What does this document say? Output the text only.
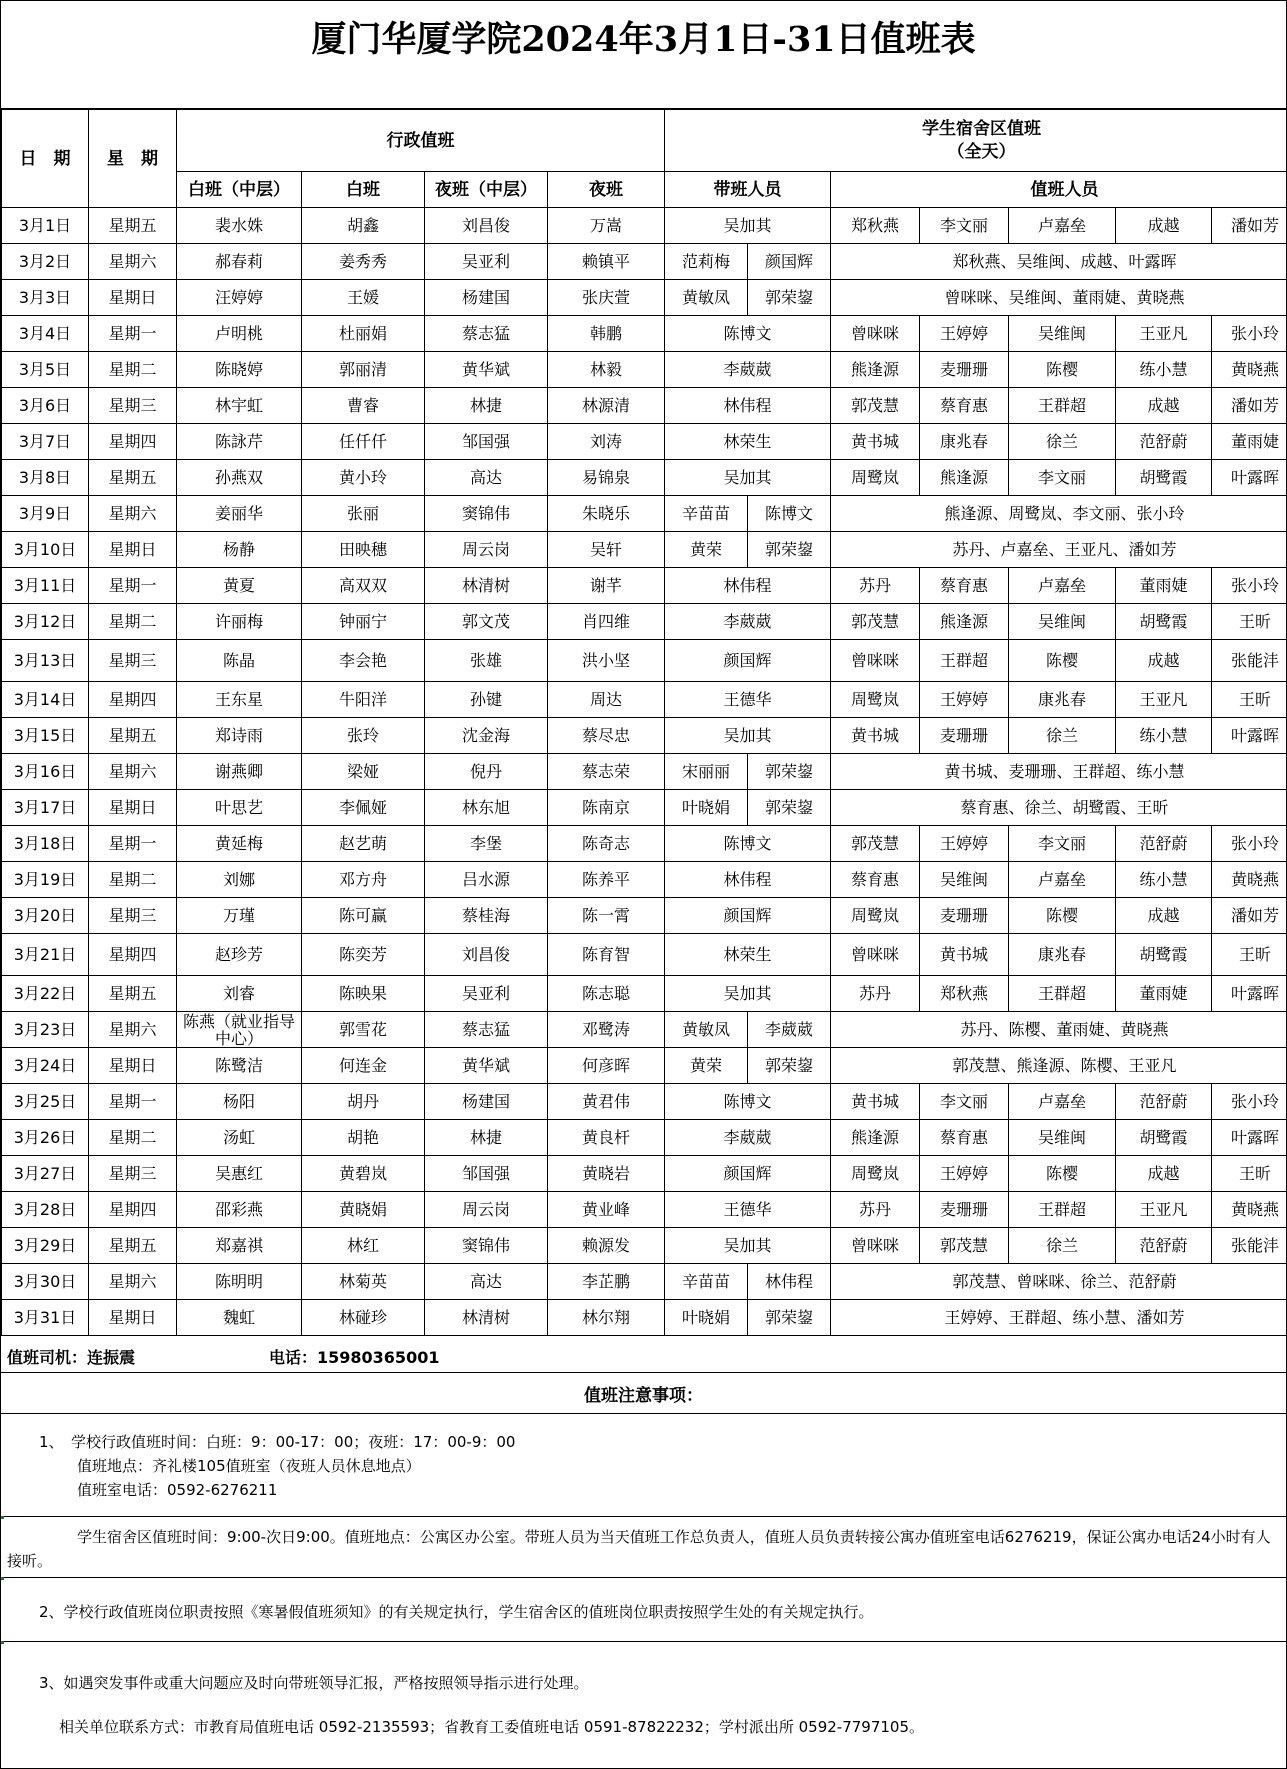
厦门华厦学院2024年3月1日-31日值班表
日　期	星　期	行政值班				学生宿舍区值班
（全天）						

		白班（中层）	白班	夜班（中层）	夜班	带班人员		值班人员				
3月1日	星期五	裴水姝	胡鑫	刘昌俊	万嵩	吴加其		郑秋燕	李文丽	卢嘉垒	成越	潘如芳
3月2日	星期六	郝春莉	姜秀秀	吴亚利	赖镇平	范莉梅	颜国辉	郑秋燕、吴维闽、成越、叶露晖				
3月3日	星期日	汪婷婷	王媛	杨建国	张庆萱	黄敏凤	郭荣鋆	曾咪咪、吴维闽、董雨婕、黄晓燕				
3月4日	星期一	卢明桃	杜丽娟	蔡志猛	韩鹏	陈博文		曾咪咪	王婷婷	吴维闽	王亚凡	张小玲
3月5日	星期二	陈晓婷	郭丽清	黄华斌	林毅	李葳葳		熊逢源	麦珊珊	陈樱	练小慧	黄晓燕
3月6日	星期三	林宇虹	曹睿	林捷	林源清	林伟程		郭茂慧	蔡育惠	王群超	成越	潘如芳
3月7日	星期四	陈詠芹	任仟仟	邹国强	刘涛	林荣生		黄书城	康兆春	徐兰	范舒蔚	董雨婕
3月8日	星期五	孙燕双	黄小玲	高达	易锦泉	吴加其		周鹭岚	熊逢源	李文丽	胡鹭霞	叶露晖
3月9日	星期六	姜丽华	张丽	窦锦伟	朱晓乐	辛苗苗	陈博文	熊逢源、周鹭岚、李文丽、张小玲				
3月10日	星期日	杨静	田映穗	周云岗	吴轩	黄荣	郭荣鋆	苏丹、卢嘉垒、王亚凡、潘如芳				
3月11日	星期一	黄夏	高双双	林清树	谢芊	林伟程		苏丹	蔡育惠	卢嘉垒	董雨婕	张小玲
3月12日	星期二	许丽梅	钟丽宁	郭文茂	肖四维	李葳葳		郭茂慧	熊逢源	吴维闽	胡鹭霞	王昕
3月13日	星期三	陈晶	李会艳	张雄	洪小坚	颜国辉		曾咪咪	王群超	陈樱	成越	张能沣
3月14日	星期四	王东星	牛阳洋	孙键	周达	王德华		周鹭岚	王婷婷	康兆春	王亚凡	王昕
3月15日	星期五	郑诗雨	张玲	沈金海	蔡尽忠	吴加其		黄书城	麦珊珊	徐兰	练小慧	叶露晖
3月16日	星期六	谢燕卿	梁娅	倪丹	蔡志荣	宋丽丽	郭荣鋆	黄书城、麦珊珊、王群超、练小慧				
3月17日	星期日	叶思艺	李佩娅	林东旭	陈南京	叶晓娟	郭荣鋆	蔡育惠、徐兰、胡鹭霞、王昕				
3月18日	星期一	黄延梅	赵艺萌	李堡	陈奇志	陈博文		郭茂慧	王婷婷	李文丽	范舒蔚	张小玲
3月19日	星期二	刘娜	邓方舟	吕水源	陈养平	林伟程		蔡育惠	吴维闽	卢嘉垒	练小慧	黄晓燕
3月20日	星期三	万瑾	陈可赢	蔡桂海	陈一霄	颜国辉		周鹭岚	麦珊珊	陈樱	成越	潘如芳
3月21日	星期四	赵珍芳	陈奕芳	刘昌俊	陈育智	林荣生		曾咪咪	黄书城	康兆春	胡鹭霞	王昕
3月22日	星期五	刘睿	陈映果	吴亚利	陈志聪	吴加其		苏丹	郑秋燕	王群超	董雨婕	叶露晖
3月23日	星期六	陈燕（就业指导中心）	郭雪花	蔡志猛	邓鹭涛	黄敏凤	李葳葳	苏丹、陈樱、董雨婕、黄晓燕				
3月24日	星期日	陈鹭洁	何连金	黄华斌	何彦晖	黄荣	郭荣鋆	郭茂慧、熊逢源、陈樱、王亚凡				
3月25日	星期一	杨阳	胡丹	杨建国	黄君伟	陈博文		黄书城	李文丽	卢嘉垒	范舒蔚	张小玲
3月26日	星期二	汤虹	胡艳	林捷	黄良杆	李葳葳		熊逢源	蔡育惠	吴维闽	胡鹭霞	叶露晖
3月27日	星期三	吴惠红	黄碧岚	邹国强	黄晓岩	颜国辉		周鹭岚	王婷婷	陈樱	成越	王昕
3月28日	星期四	邵彩燕	黄晓娟	周云岗	黄业峰	王德华		苏丹	麦珊珊	王群超	王亚凡	黄晓燕
3月29日	星期五	郑嘉祺	林红	窦锦伟	赖源发	吴加其		曾咪咪	郭茂慧	徐兰	范舒蔚	张能沣
3月30日	星期六	陈明明	林菊英	高达	李芷鹏	辛苗苗	林伟程	郭茂慧、曾咪咪、徐兰、范舒蔚				
3月31日	星期日	魏虹	林碰珍	林清树	林尔翔	叶晓娟	郭荣鋆	王婷婷、王群超、练小慧、潘如芳				
值班司机：连振震	电话：15980365001
值班注意事项：

1、　学校行政值班时间：白班：9：00-17：00；夜班：17：00-9：00

值班地点：齐礼楼105值班室（夜班人员休息地点）

值班室电话：0592-6276211

学生宿舍区值班时间：9:00-次日9:00。值班地点：公寓区办公室。带班人员为当天值班工作总负责人，值班人员负责转接公寓办值班室电话6276219，保证公寓办电话24小时有人接听。
2、学校行政值班岗位职责按照《寒暑假值班须知》的有关规定执行，学生宿舍区的值班岗位职责按照学生处的有关规定执行。

3、如遇突发事件或重大问题应及时向带班领导汇报，严格按照领导指示进行处理。

相关单位联系方式：市教育局值班电话 0592-2135593；省教育工委值班电话 0591-87822232；学村派出所 0592-7797105。
